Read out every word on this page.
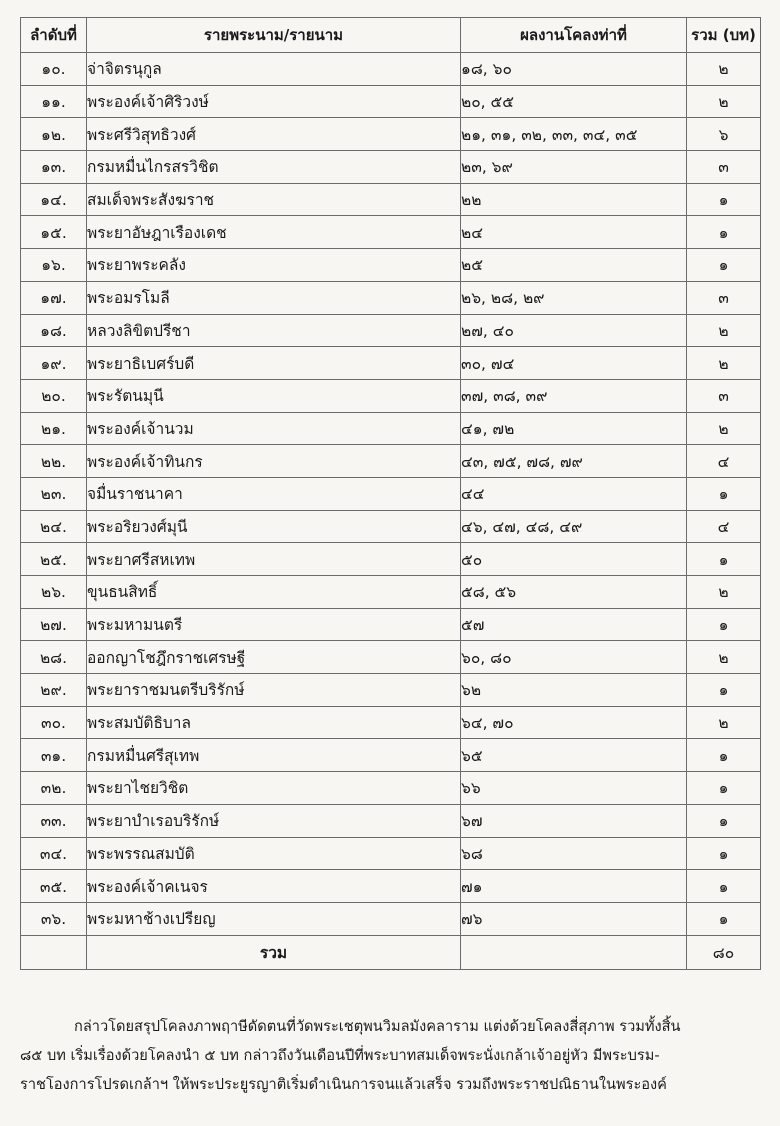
ลำดับที่	รายพระนาม/รายนาม	ผลงานโคลงท่าที่	รวม (บท)
๑๐.	จ่าจิตรนุกูล	๑๘, ๖๐	๒
๑๑.	พระองค์เจ้าศิริวงษ์	๒๐, ๕๕	๒
๑๒.	พระศรีวิสุทธิวงศ์	๒๑, ๓๑, ๓๒, ๓๓, ๓๔, ๓๕	๖
๑๓.	กรมหมื่นไกรสรวิชิต	๒๓, ๖๙	๓
๑๔.	สมเด็จพระสังฆราช	๒๒	๑
๑๕.	พระยาอัษฎาเรืองเดช	๒๔	๑
๑๖.	พระยาพระคลัง	๒๕	๑
๑๗.	พระอมรโมลี	๒๖, ๒๘, ๒๙	๓
๑๘.	หลวงลิขิตปรีชา	๒๗, ๔๐	๒
๑๙.	พระยาธิเบศร์บดี	๓๐, ๗๔	๒
๒๐.	พระรัตนมุนี	๓๗, ๓๘, ๓๙	๓
๒๑.	พระองค์เจ้านวม	๔๑, ๗๒	๒
๒๒.	พระองค์เจ้าทินกร	๔๓, ๗๕, ๗๘, ๗๙	๔
๒๓.	จมื่นราชนาคา	๔๔	๑
๒๔.	พระอริยวงศ์มุนี	๔๖, ๔๗, ๔๘, ๔๙	๔
๒๕.	พระยาศรีสหเทพ	๕๐	๑
๒๖.	ขุนธนสิทธิ์	๕๘, ๕๖	๒
๒๗.	พระมหามนตรี	๕๗	๑
๒๘.	ออกญาโชฎึกราชเศรษฐี	๖๐, ๘๐	๒
๒๙.	พระยาราชมนตรีบริรักษ์	๖๒	๑
๓๐.	พระสมบัติธิบาล	๖๔, ๗๐	๒
๓๑.	กรมหมื่นศรีสุเทพ	๖๕	๑
๓๒.	พระยาไชยวิชิต	๖๖	๑
๓๓.	พระยาบำเรอบริรักษ์	๖๗	๑
๓๔.	พระพรรณสมบัติ	๖๘	๑
๓๕.	พระองค์เจ้าคเนจร	๗๑	๑
๓๖.	พระมหาช้างเปรียญ	๗๖	๑
	รวม		๘๐

กล่าวโดยสรุปโคลงภาพฤาษีดัดตนที่วัดพระเชตุพนวิมลมังคลาราม แต่งด้วยโคลงสี่สุภาพ รวมทั้งสิ้น

๘๕ บท เริ่มเรื่องด้วยโคลงนำ ๕ บท กล่าวถึงวันเดือนปีที่พระบาทสมเด็จพระนั่งเกล้าเจ้าอยู่หัว มีพระบรม-

ราชโองการโปรดเกล้าฯ ให้พระประยูรญาติเริ่มดำเนินการจนแล้วเสร็จ รวมถึงพระราชปณิธานในพระองค์
